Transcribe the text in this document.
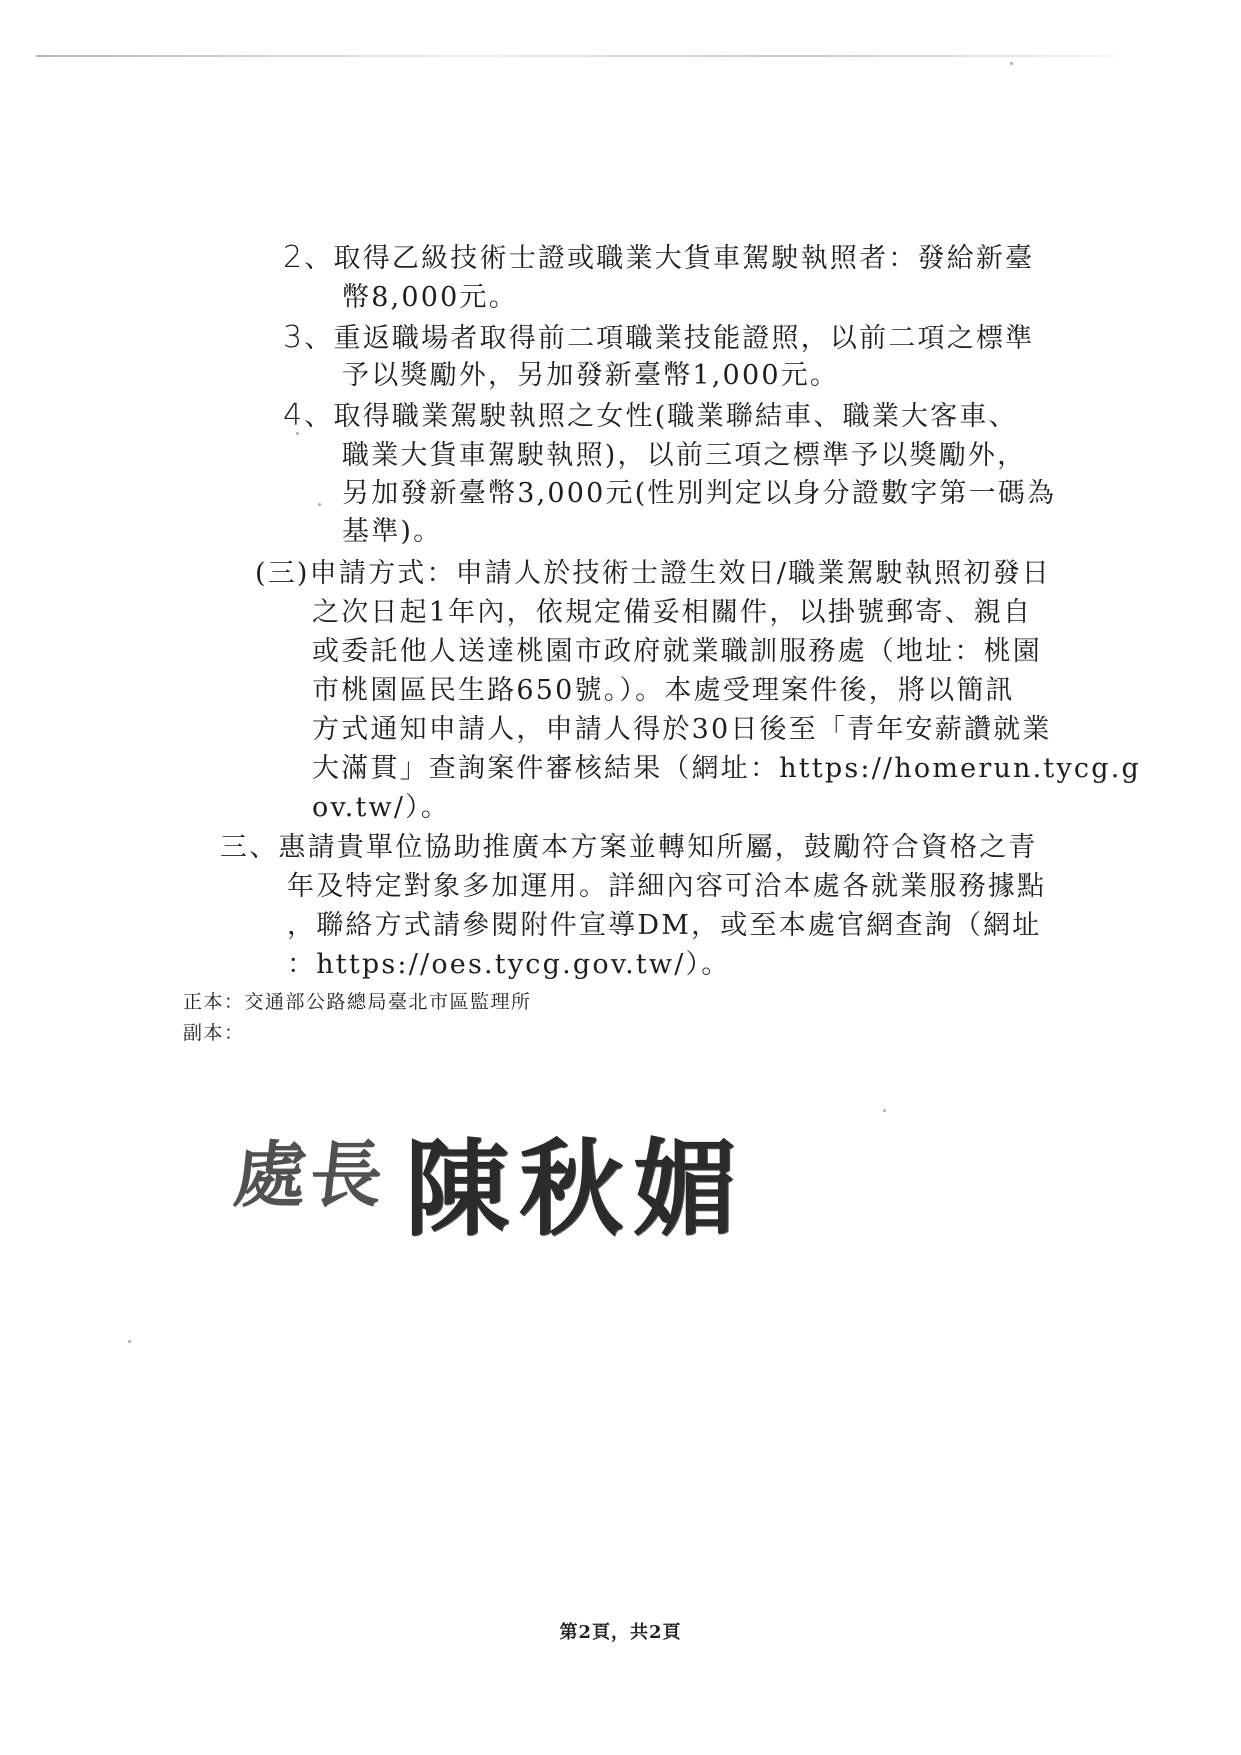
2、取得乙級技術士證或職業大貨車駕駛執照者：發給新臺
幣8,000元。
3、重返職場者取得前二項職業技能證照，以前二項之標準
予以獎勵外，另加發新臺幣1,000元。
4、取得職業駕駛執照之女性(職業聯結車、職業大客車、
職業大貨車駕駛執照)，以前三項之標準予以獎勵外，
另加發新臺幣3,000元(性別判定以身分證數字第一碼為
基準)。
(三)申請方式：申請人於技術士證生效日/職業駕駛執照初發日
之次日起1年內，依規定備妥相關件，以掛號郵寄、親自
或委託他人送達桃園市政府就業職訓服務處（地址：桃園
市桃園區民生路650號。）。本處受理案件後，將以簡訊
方式通知申請人，申請人得於30日後至「青年安薪讚就業
大滿貫」查詢案件審核結果（網址：https://homerun.tycg.g
ov.tw/）。
三、惠請貴單位協助推廣本方案並轉知所屬，鼓勵符合資格之青
年及特定對象多加運用。詳細內容可洽本處各就業服務據點
，聯絡方式請參閱附件宣導DM，或至本處官網查詢（網址
：https://oes.tycg.gov.tw/）。
正本：交通部公路總局臺北市區監理所
副本：
處長 陳秋媚
第2頁，共2頁
